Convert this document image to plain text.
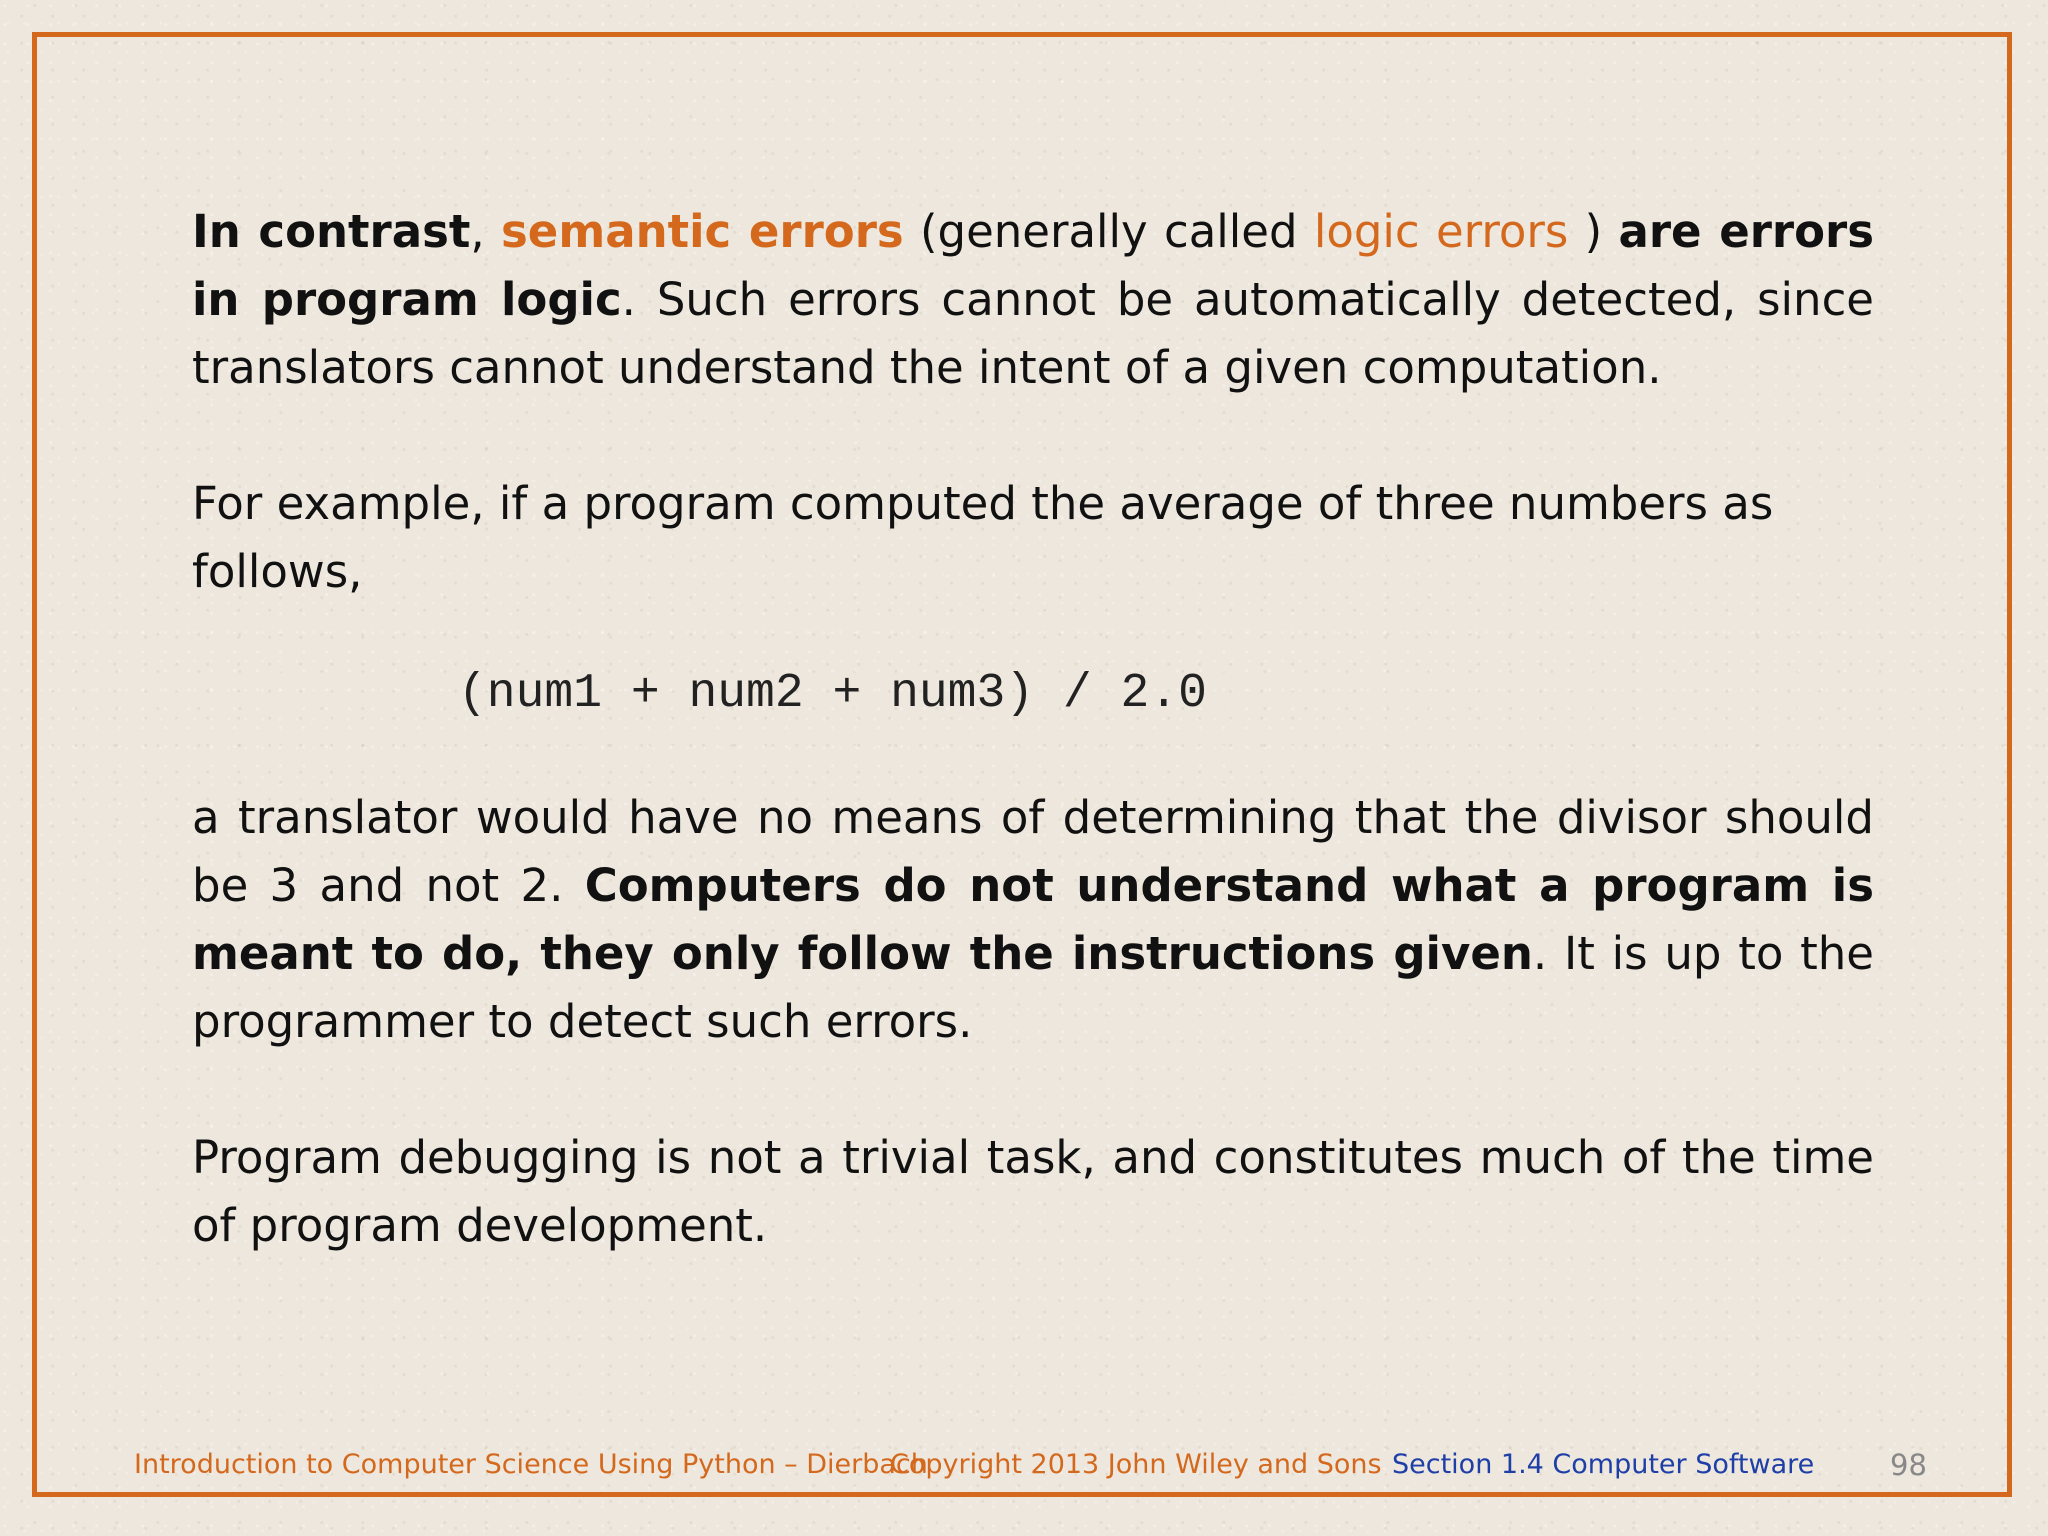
In contrast, semantic errors (generally called logic errors ) are errors in program logic. Such errors cannot be automatically detected, since translators cannot understand the intent of a given computation.

For example, if a program computed the average of three numbers as follows,

(num1 + num2 + num3) / 2.0

a translator would have no means of determining that the divisor should be 3 and not 2. Computers do not understand what a program is meant to do, they only follow the instructions given. It is up to the programmer to detect such errors.

Program debugging is not a trivial task, and constitutes much of the time of program development.

Introduction to Computer Science Using Python – Dierbach
Copyright 2013 John Wiley and Sons Section 1.4 Computer Software	98
